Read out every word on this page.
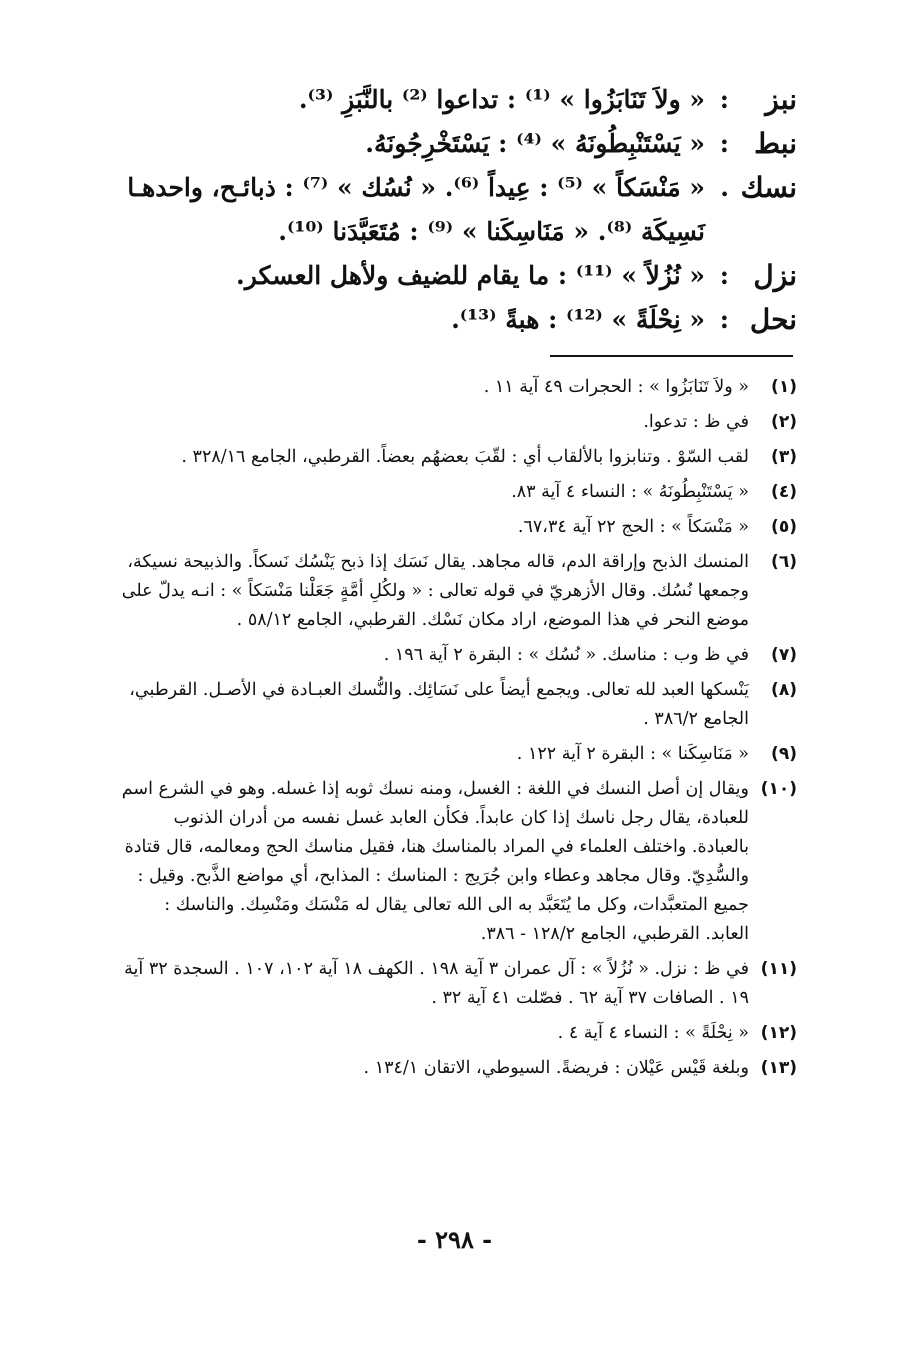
نبز
:
« ولاَ تَنَابَزُوا » ⁽¹⁾ : تداعوا ⁽²⁾ بالنَّبَزِ ⁽³⁾.
نبط
:
« يَسْتَنْبِطُونَهُ » ⁽⁴⁾ : يَسْتَخْرِجُونَهُ.
نسك
.
« مَنْسَكاً » ⁽⁵⁾ : عِيداً ⁽⁶⁾. « نُسُك » ⁽⁷⁾ : ذبائـح، واحدهـا نَسِيكَة ⁽⁸⁾. « مَنَاسِكَنا » ⁽⁹⁾ : مُتَعَبَّدَنا ⁽¹⁰⁾.
نزل
:
« نُزُلاً » ⁽¹¹⁾ : ما يقام للضيف ولأهل العسكر.
نحل
:
« نِحْلَةً » ⁽¹²⁾ : هبةً ⁽¹³⁾.
(١)
« ولاَ تَنَابَزُوا » : الحجرات ٤٩ آية ١١ .
(٢)
في ظ : تدعوا.
(٣)
لقب السّوْ . وتنابزوا بالألقاب أي : لقّبَ بعضهُم بعضاً. القرطبي، الجامع ٣٢٨/١٦ .
(٤)
« يَسْتَنْبِطُونَهُ » : النساء ٤ آية ٨٣.
(٥)
« مَنْسَكاً » : الحج ٢٢ آية ٦٧،٣٤.
(٦)
المنسك الذبح وإراقة الدم، قاله مجاهد. يقال نَسَك إذا ذبح يَنْسُك نَسكاً. والذبيحة نسيكة، وجمعها نُسُك. وقال الأزهريّ في قوله تعالى : « ولكُلِ أمَّةٍ جَعَلْنا مَنْسَكاً » : انـه يدلّ على موضع النحر في هذا الموضع، اراد مكان نَسْك. القرطبي، الجامع ٥٨/١٢ .
(٧)
في ظ وب : مناسك. « نُسُك » : البقرة ٢ آية ١٩٦ .
(٨)
يَنْسكها العبد لله تعالى. ويجمع أيضاً على نَسَائِك. والنُّسك العبـادة في الأصـل. القرطبي، الجامع ٣٨٦/٢ .
(٩)
« مَنَاسِكَنا » : البقرة ٢ آية ١٢٢ .
(١٠)
ويقال إن أصل النسك في اللغة : الغسل، ومنه نسك ثوبه إذا غسله. وهو في الشرع اسم للعبادة، يقال رجل ناسك إذا كان عابداً. فكأن العابد غسل نفسه من أدران الذنوب بالعبادة. واختلف العلماء في المراد بالمناسك هنا، فقيل مناسك الحج ومعالمه، قال قتادة والسُّدِيّ. وقال مجاهد وعطاء وابن جُرَيج : المناسك : المذابح، أي مواضع الذَّبح. وقيل : جميع المتعبَّدات، وكل ما يُتَعَبَّد به الى الله تعالى يقال له مَنْسَك ومَنْسِك. والناسك : العابد. القرطبي، الجامع ١٢٨/٢ - ٣٨٦.
(١١)
في ظ : نزل. « نُزُلاً » : آل عمران ٣ آية ١٩٨ . الكهف ١٨ آية ١٠٢، ١٠٧ . السجدة ٣٢ آية ١٩ . الصافات ٣٧ آية ٦٢ . فصّلت ٤١ آية ٣٢ .
(١٢)
« نِحْلَةً » : النساء ٤ آية ٤ .
(١٣)
وبلغة قَيْس عَيْلان : فريضةً. السيوطي، الاتقان ١٣٤/١ .
- ٢٩٨ -
